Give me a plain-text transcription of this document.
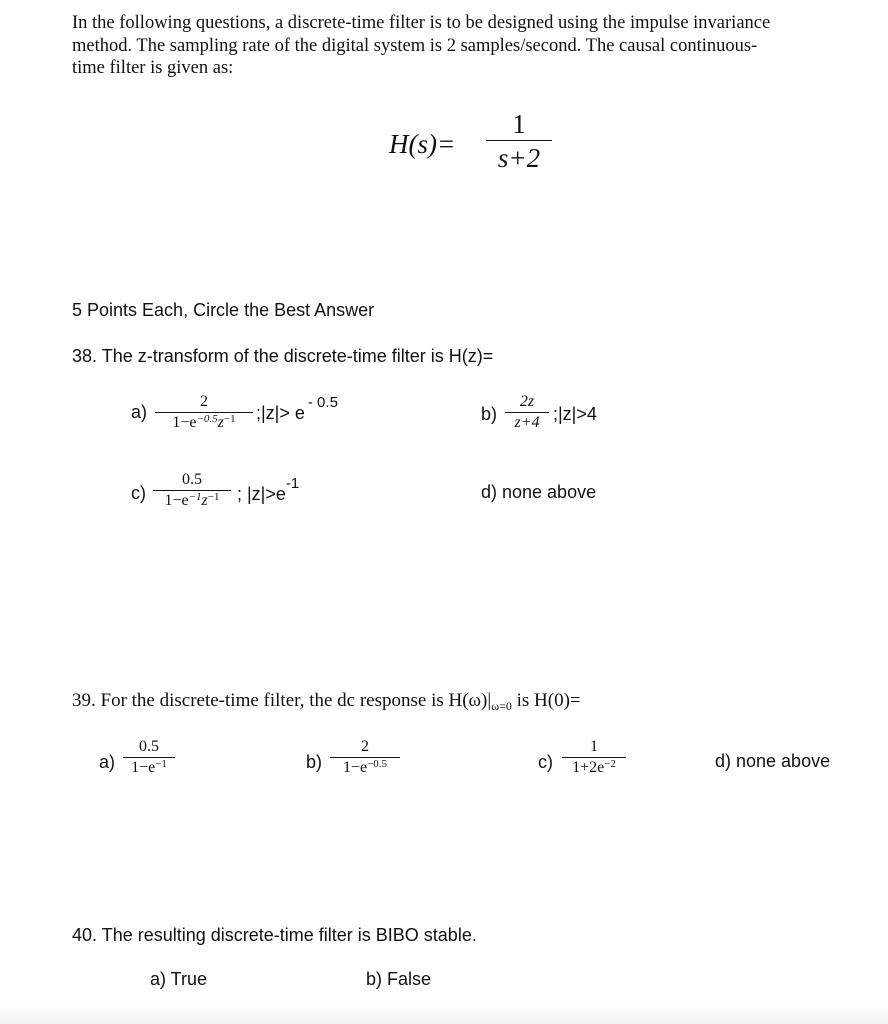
In the following questions, a discrete-time filter is to be designed using the impulse invariance
method. The sampling rate of the digital system is 2 samples/second. The causal continuous-
time filter is given as:
H(s)=
1
s+2
5 Points Each, Circle the Best Answer
38. The z-transform of the discrete-time filter is H(z)=
a)
2
$1-e^{-0.5}z^{-1}$	;|z|> $e^{- 0.5}$
b)
2z
z+4 ;|z|>4
c)
0.5
$1-e^{-1}z^{-1}$ ; $|z|>e^{-1}$	d) none above
39. For the discrete-time filter, the dc response is $H(\omega)|_{\omega=0}$ is H(0)=
a)
0.5
$1-e^{-1}$	b)
2
$1-e^{-0.5}$	c)
1
$1+2e^{-2}$	d) none above
40. The resulting discrete-time filter is BIBO stable.
a) True	b) False
